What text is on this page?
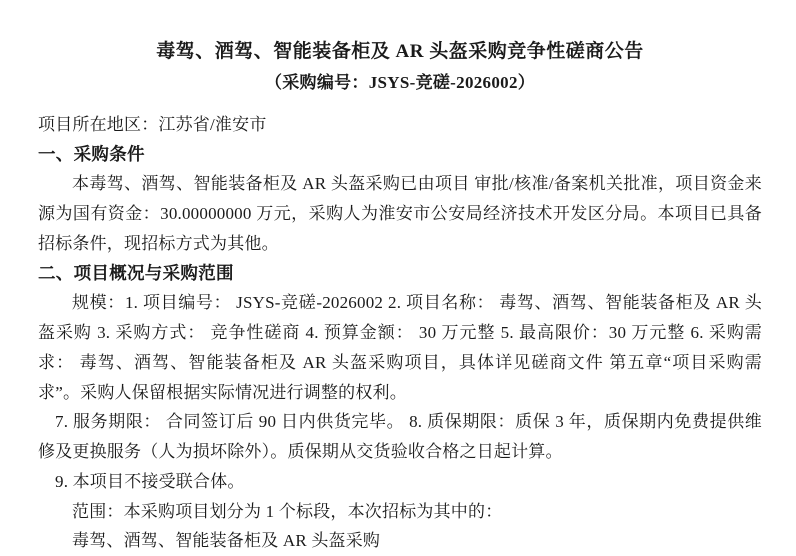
毒驾、酒驾、智能装备柜及 AR 头盔采购竞争性磋商公告
（采购编号：JSYS-竞磋-2026002）
项目所在地区：江苏省/淮安市
一、采购条件
本毒驾、酒驾、智能装备柜及 AR 头盔采购已由项目 审批/核准/备案机关批准，项目资金来源为国有资金：30.00000000 万元，采购人为淮安市公安局经济技术开发区分局。本项目已具备招标条件，现招标方式为其他。
二、项目概况与采购范围
规模：1. 项目编号： JSYS-竞磋-2026002 2. 项目名称： 毒驾、酒驾、智能装备柜及 AR 头盔采购 3. 采购方式： 竞争性磋商 4. 预算金额： 30 万元整 5. 最高限价：30 万元整 6. 采购需求： 毒驾、酒驾、智能装备柜及 AR 头盔采购项目，具体详见磋商文件 第五章“项目采购需求”。采购人保留根据实际情况进行调整的权利。
7. 服务期限： 合同签订后 90 日内供货完毕。 8. 质保期限：质保 3 年，质保期内免费提供维修及更换服务（人为损坏除外）。质保期从交货验收合格之日起计算。
9. 本项目不接受联合体。
范围：本采购项目划分为 1 个标段，本次招标为其中的：
毒驾、酒驾、智能装备柜及 AR 头盔采购
